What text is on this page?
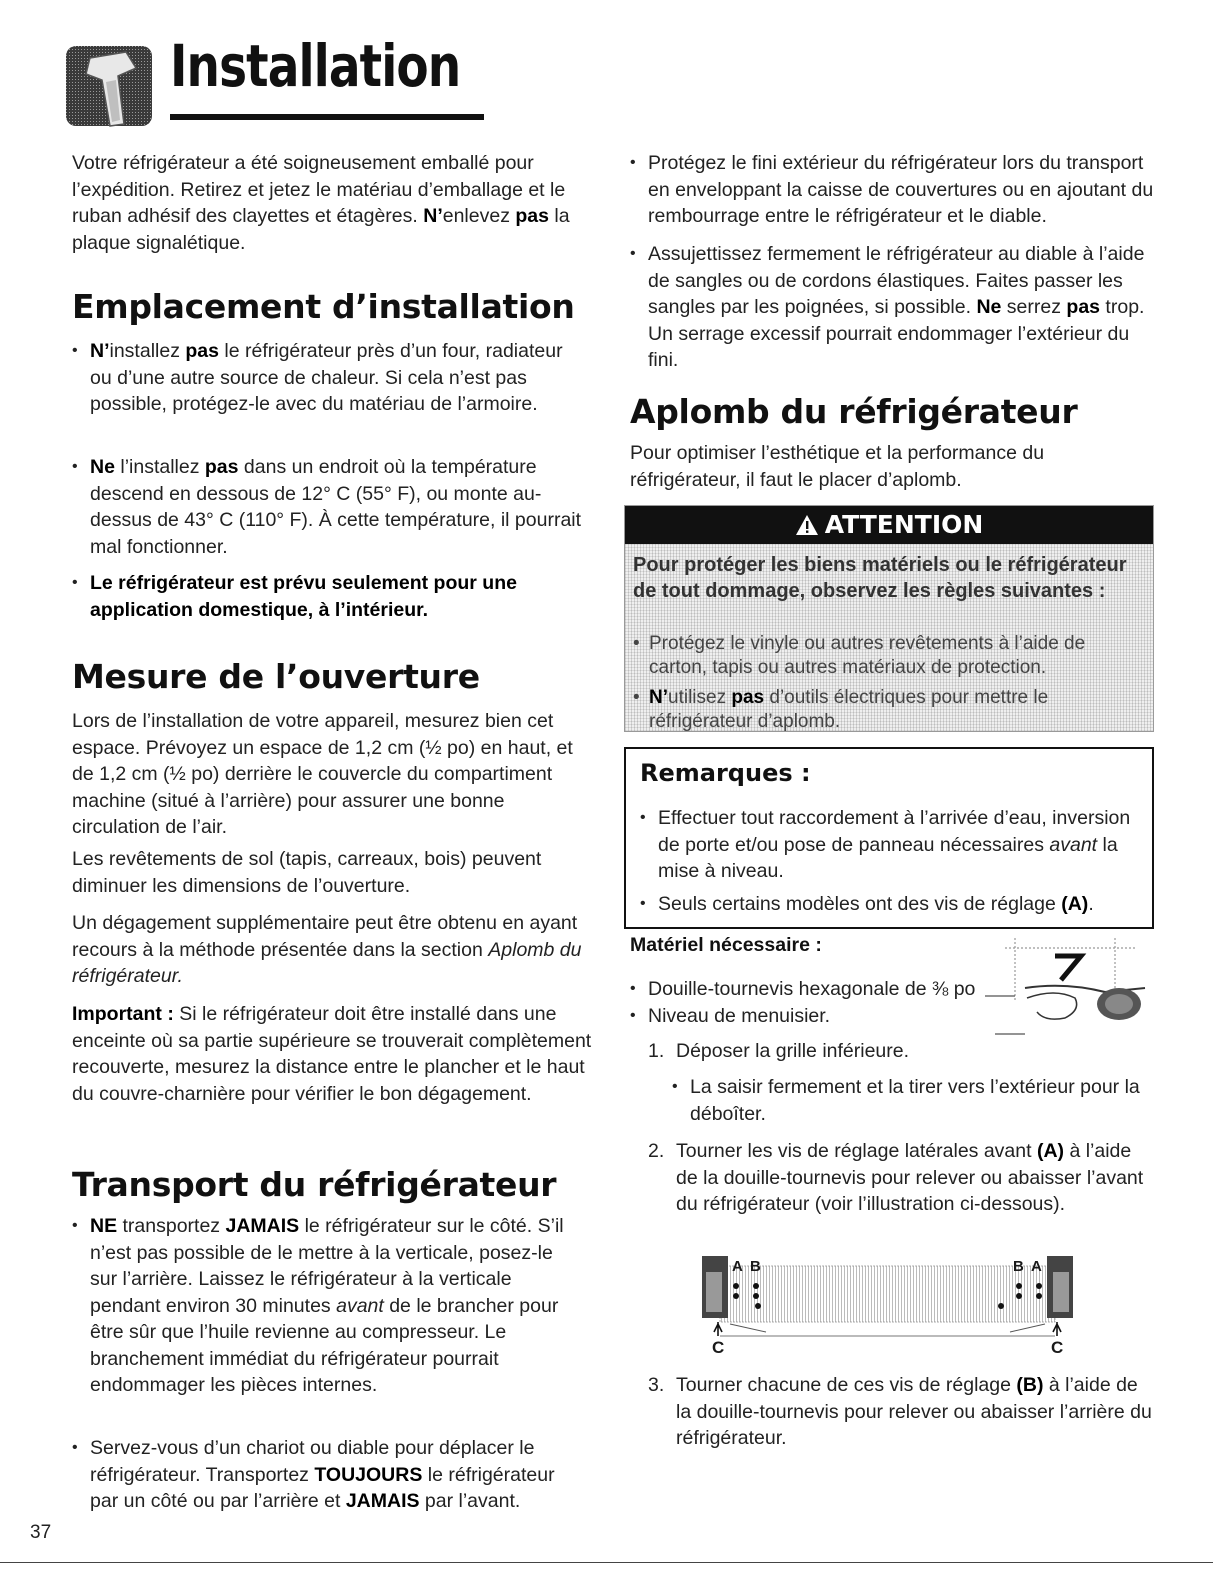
Installation
Votre réfrigérateur a été soigneusement emballé pour l’expédition. Retirez et jetez le matériau d’emballage et le ruban adhésif des clayettes et étagères. N’enlevez pas la plaque signalétique.
Emplacement d’installation
• N’installez pas le réfrigérateur près d’un four, radiateur ou d’une autre source de chaleur. Si cela n’est pas possible, protégez-le avec du matériau de l’armoire.
• Ne l’installez pas dans un endroit où la température descend en dessous de 12° C (55° F), ou monte au-dessus de 43° C (110° F). À cette température, il pourrait mal fonctionner.
• Le réfrigérateur est prévu seulement pour une application domestique, à l’intérieur.
Mesure de l’ouverture
Lors de l’installation de votre appareil, mesurez bien cet espace. Prévoyez un espace de 1,2 cm (½ po) en haut, et de 1,2 cm (½ po) derrière le couvercle du compartiment machine (situé à l’arrière) pour assurer une bonne circulation de l’air.
Les revêtements de sol (tapis, carreaux, bois) peuvent diminuer les dimensions de l’ouverture.
Un dégagement supplémentaire peut être obtenu en ayant recours à la méthode présentée dans la section Aplomb du réfrigérateur.
Important : Si le réfrigérateur doit être installé dans une enceinte où sa partie supérieure se trouverait complètement recouverte, mesurez la distance entre le plancher et le haut du couvre-charnière pour vérifier le bon dégagement.
Transport du réfrigérateur
• NE transportez JAMAIS le réfrigérateur sur le côté. S’il n’est pas possible de le mettre à la verticale, posez-le sur l’arrière. Laissez le réfrigérateur à la verticale pendant environ 30 minutes avant de le brancher pour être sûr que l’huile revienne au compresseur. Le branchement immédiat du réfrigérateur pourrait endommager les pièces internes.
• Servez-vous d’un chariot ou diable pour déplacer le réfrigérateur. Transportez TOUJOURS le réfrigérateur par un côté ou par l’arrière et JAMAIS par l’avant.
• Protégez le fini extérieur du réfrigérateur lors du transport en enveloppant la caisse de couvertures ou en ajoutant du rembourrage entre le réfrigérateur et le diable.
• Assujettissez fermement le réfrigérateur au diable à l’aide de sangles ou de cordons élastiques. Faites passer les sangles par les poignées, si possible. Ne serrez pas trop. Un serrage excessif pourrait endommager l’extérieur du fini.
Aplomb du réfrigérateur
Pour optimiser l’esthétique et la performance du réfrigérateur, il faut le placer d’aplomb.
ATTENTION
Pour protéger les biens matériels ou le réfrigérateur de tout dommage, observez les règles suivantes :
• Protégez le vinyle ou autres revêtements à l’aide de carton, tapis ou autres matériaux de protection.
• N’utilisez pas d’outils électriques pour mettre le réfrigérateur d’aplomb.
Remarques :
• Effectuer tout raccordement à l’arrivée d’eau, inversion de porte et/ou pose de panneau nécessaires avant la mise à niveau.
• Seuls certains modèles ont des vis de réglage (A).
Matériel nécessaire :
• Douille-tournevis hexagonale de ⅜ po
• Niveau de menuisier.
1. Déposer la grille inférieure.
• La saisir fermement et la tirer vers l’extérieur pour la déboîter.
2. Tourner les vis de réglage latérales avant (A) à l’aide de la douille-tournevis pour relever ou abaisser l’avant du réfrigérateur (voir l’illustration ci-dessous).
A B	B A
C	C
3. Tourner chacune de ces vis de réglage (B) à l’aide de la douille-tournevis pour relever ou abaisser l’arrière du réfrigérateur.
37
